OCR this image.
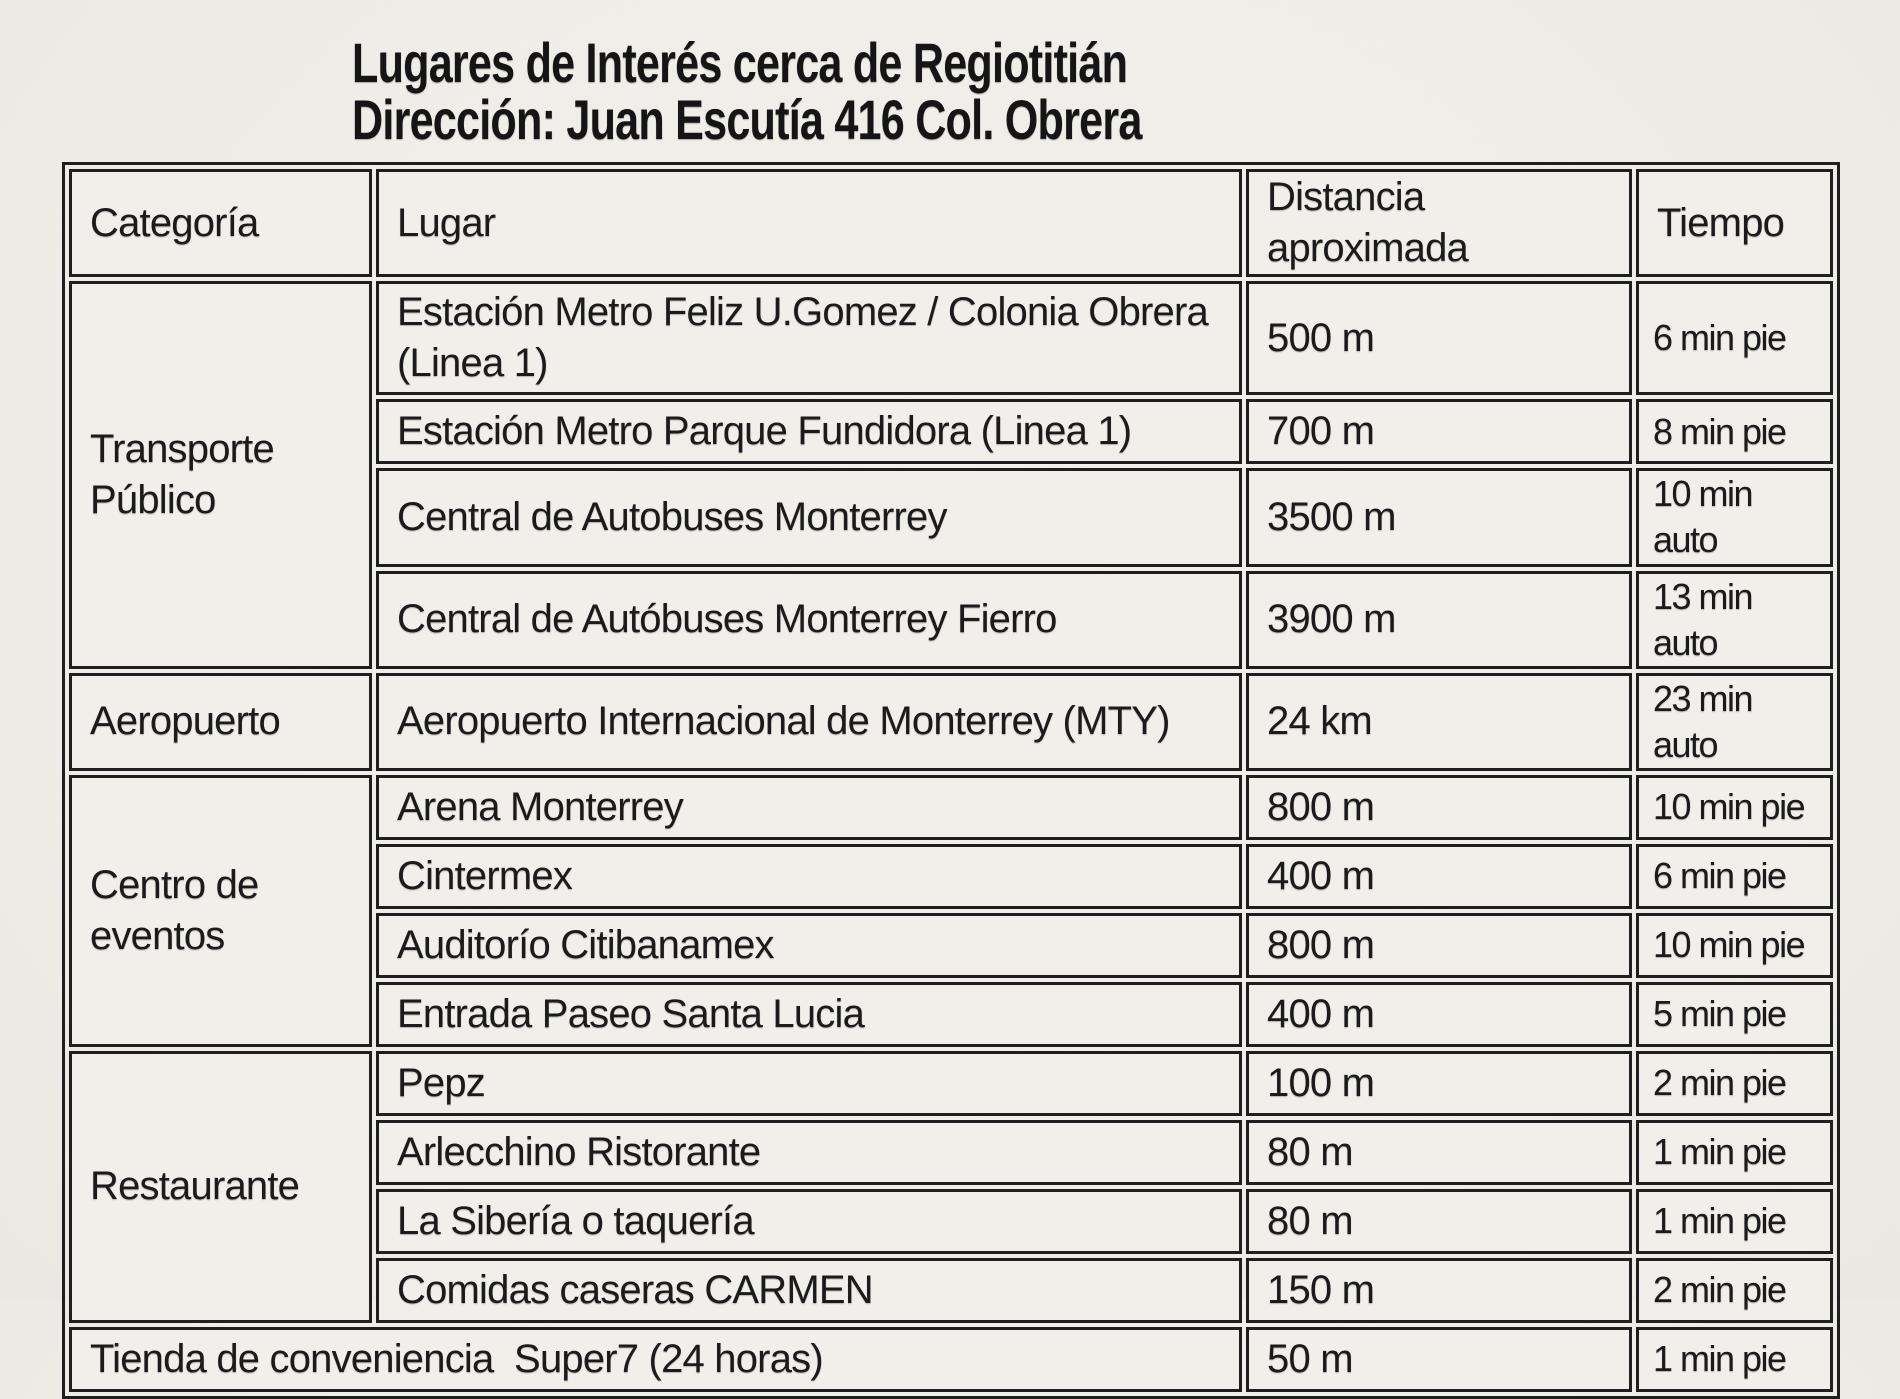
Lugares de Interés cerca de Regiotitián
Dirección: Juan Escutía 416 Col. Obrera
Categoría	Lugar	Distancia aproximada	Tiempo
Transporte Público	Estación Metro Feliz U.Gomez / Colonia Obrera (Linea 1)	500 m	6 min pie
	Estación Metro Parque Fundidora (Linea 1)	700 m	8 min pie
	Central de Autobuses Monterrey	3500 m	10 min auto
	Central de Autóbuses Monterrey Fierro	3900 m	13 min auto
Aeropuerto	Aeropuerto Internacional de Monterrey (MTY)	24 km	23 min auto
Centro de eventos	Arena Monterrey	800 m	10 min pie
	Cintermex	400 m	6 min pie
	Auditorío Citibanamex	800 m	10 min pie
	Entrada Paseo Santa Lucia	400 m	5 min pie
Restaurante	Pepz	100 m	2 min pie
	Arlecchino Ristorante	80 m	1 min pie
	La Sibería o taquería	80 m	1 min pie
	Comidas caseras CARMEN	150 m	2 min pie
Tienda de conveniencia  Super7 (24 horas)		50 m	1 min pie
